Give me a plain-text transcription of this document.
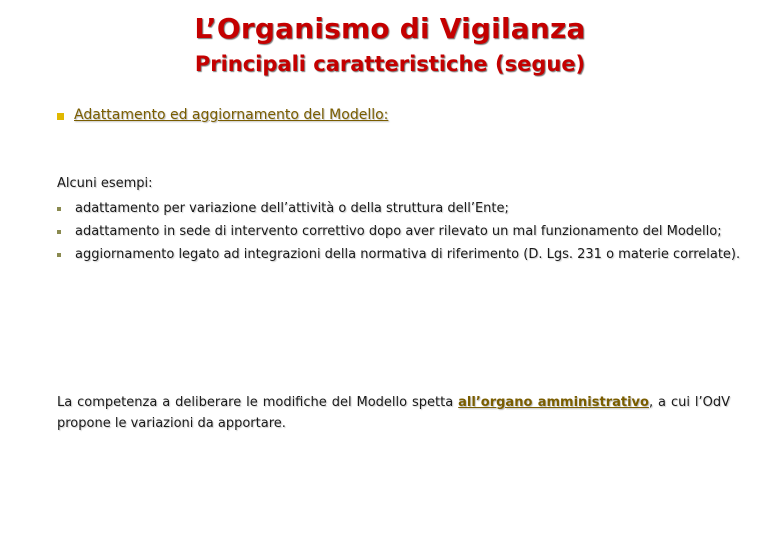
L’Organismo di Vigilanza
Principali caratteristiche (segue)
Adattamento ed aggiornamento del Modello:
Alcuni esempi:
adattamento per variazione dell’attività o della struttura dell’Ente;
adattamento in sede di intervento correttivo dopo aver rilevato un mal funzionamento del Modello;
aggiornamento legato ad integrazioni della normativa di riferimento (D. Lgs. 231 o materie correlate).

La competenza a deliberare le modifiche del Modello spetta all’organo amministrativo, a cui l’OdV propone le variazioni da apportare.
